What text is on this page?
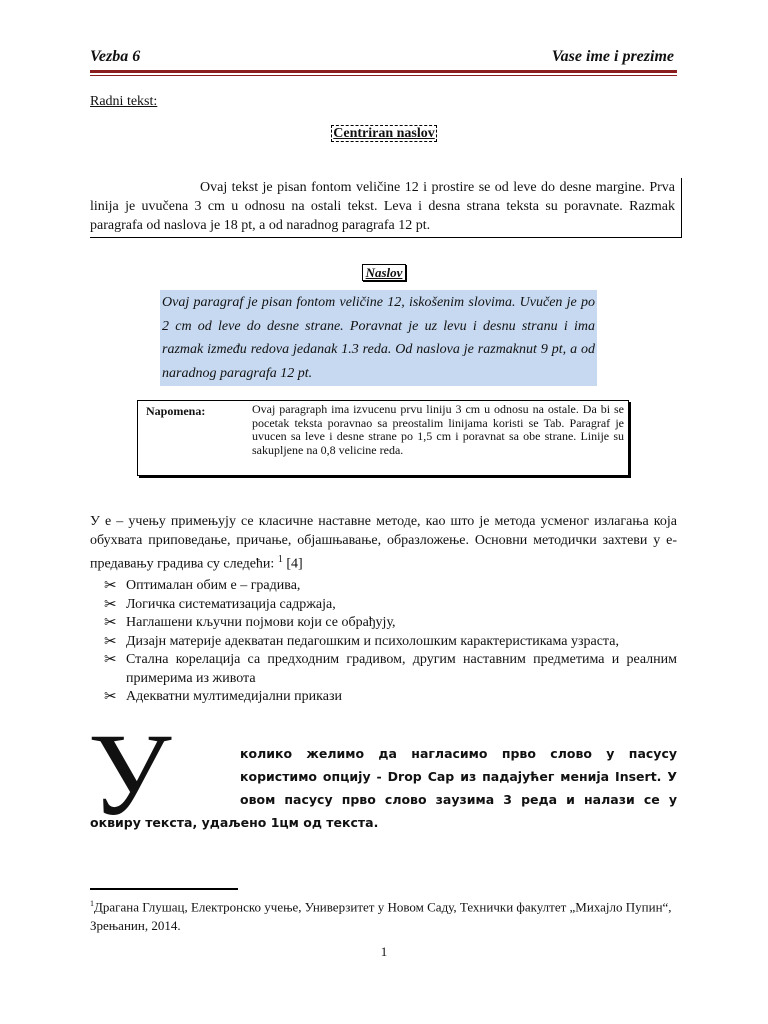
Vezba 6	Vase ime i prezime
Radni tekst:
Centriran naslov
Ovaj tekst je pisan fontom veličine 12 i prostire se od leve do desne margine. Prva linija je uvučena 3 cm u odnosu na ostali tekst. Leva i desna strana teksta su poravnate. Razmak paragrafa od naslova je 18 pt, a od naradnog paragrafa 12 pt.
Naslov
Ovaj paragraf je pisan fontom veličine 12, iskošenim slovima. Uvučen je po 2 cm od leve do desne strane. Poravnat je uz levu i desnu stranu i ima razmak između redova jedanak 1.3 reda. Od naslova je razmaknut 9 pt, a od naradnog paragrafa 12 pt.
Napomena:	Ovaj paragraph ima izvucenu prvu liniju 3 cm u odnosu na ostale. Da bi se pocetak teksta poravnao sa preostalim linijama koristi se Tab. Paragraf je uvucen sa leve i desne strane po 1,5 cm i poravnat sa obe strane. Linije su sakupljene na 0,8 velicine reda.
У е – учењу примењују се класичне наставне методе, као што је метода усменог излагања која обухвата приповедање, причање, објашњавање, образложење. Основни методички захтеви у е-предавању градива су следећи: $^1$ [4]
✂ Оптималан обим е – градива,
✂ Логичка систематизација садржаја,
✂ Наглашени кључни појмови који се обрађују,
✂ Дизајн материје адекватан педагошким и психолошким карактеристикама узраста,
✂ Стална корелација са предходним градивом, другим наставним предметима и реалним примерима из живота
✂ Адекватни мултимедијални прикази
У	колико желимо да нагласимо прво слово у пасусу користимо опцију - Drop Cap из падајућег менија Insert. У овом пасусу прво слово заузима 3 реда и налази се у оквиру текста, удаљено 1цм од текста.
$^1$Драгана Глушац, Електронско учење, Универзитет у Новом Саду, Технички факултет „Михајло Пупин“, Зрењанин, 2014.
1
